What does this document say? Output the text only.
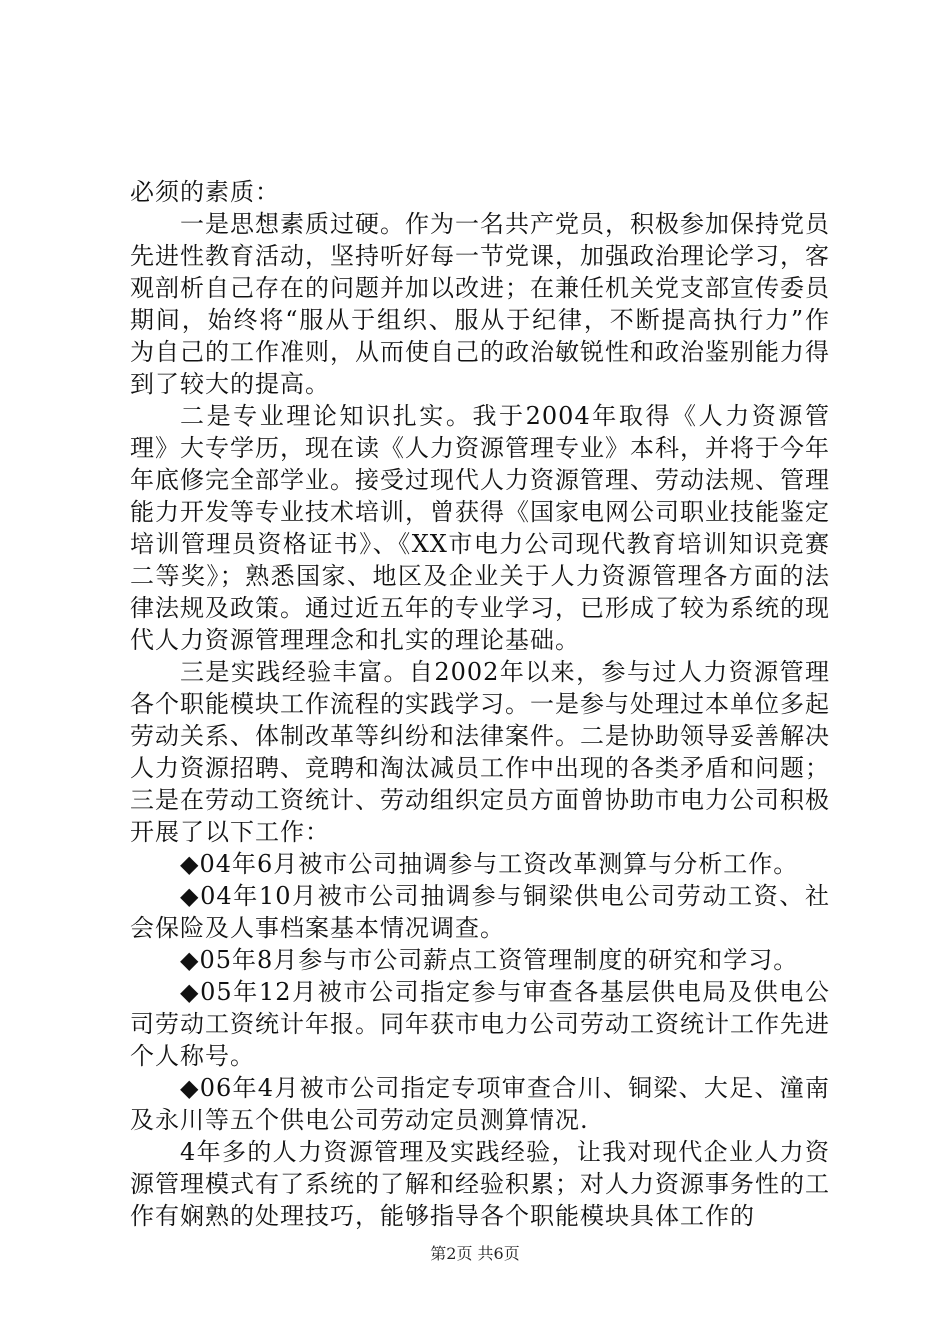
必须的素质：

一是思想素质过硬。作为一名共产党员，积极参加保持党员先进性教育活动，坚持听好每一节党课，加强政治理论学习，客观剖析自己存在的问题并加以改进；在兼任机关党支部宣传委员期间，始终将“服从于组织、服从于纪律，不断提高执行力”作为自己的工作准则，从而使自己的政治敏锐性和政治鉴别能力得到了较大的提高。

二是专业理论知识扎实。我于2004年取得《人力资源管理》大专学历，现在读《人力资源管理专业》本科，并将于今年年底修完全部学业。接受过现代人力资源管理、劳动法规、管理能力开发等专业技术培训，曾获得《国家电网公司职业技能鉴定培训管理员资格证书》、《XX市电力公司现代教育培训知识竞赛二等奖》；熟悉国家、地区及企业关于人力资源管理各方面的法律法规及政策。通过近五年的专业学习，已形成了较为系统的现代人力资源管理理念和扎实的理论基础。

三是实践经验丰富。自2002年以来，参与过人力资源管理各个职能模块工作流程的实践学习。一是参与处理过本单位多起劳动关系、体制改革等纠纷和法律案件。二是协助领导妥善解决人力资源招聘、竞聘和淘汰减员工作中出现的各类矛盾和问题；三是在劳动工资统计、劳动组织定员方面曾协助市电力公司积极开展了以下工作：

◆04年6月被市公司抽调参与工资改革测算与分析工作。

◆04年10月被市公司抽调参与铜梁供电公司劳动工资、社会保险及人事档案基本情况调查。

◆05年8月参与市公司薪点工资管理制度的研究和学习。

◆05年12月被市公司指定参与审查各基层供电局及供电公司劳动工资统计年报。同年获市电力公司劳动工资统计工作先进个人称号。

◆06年4月被市公司指定专项审查合川、铜梁、大足、潼南及永川等五个供电公司劳动定员测算情况.

4年多的人力资源管理及实践经验，让我对现代企业人力资源管理模式有了系统的了解和经验积累；对人力资源事务性的工作有娴熟的处理技巧，能够指导各个职能模块具体工作的

第2页 共6页
